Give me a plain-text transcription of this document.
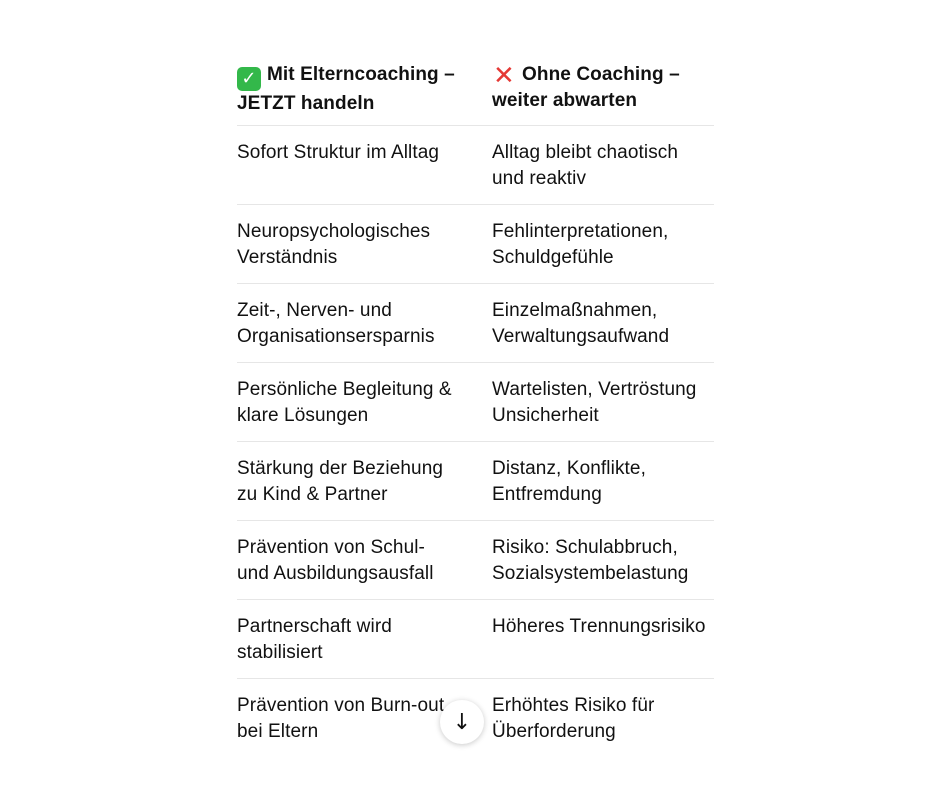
✓ Mit Elterncoaching –
JETZT handeln
✕ Ohne Coaching –
weiter abwarten
Sofort Struktur im Alltag	Alltag bleibt chaotisch
und reaktiv
Neuropsychologisches
Verständnis
Fehlinterpretationen,
Schuldgefühle
Zeit-, Nerven- und
Organisationsersparnis
Einzelmaßnahmen,
Verwaltungsaufwand
Persönliche Begleitung &
klare Lösungen
Wartelisten, Vertröstung
Unsicherheit
Stärkung der Beziehung
zu Kind & Partner
Distanz, Konflikte,
Entfremdung
Prävention von Schul-
und Ausbildungsausfall
Risiko: Schulabbruch,
Sozialsystembelastung
Partnerschaft wird
stabilisiert
Höheres Trennungsrisiko
Prävention von Burn-out
bei Eltern
Erhöhtes Risiko für
Überforderung
↓
